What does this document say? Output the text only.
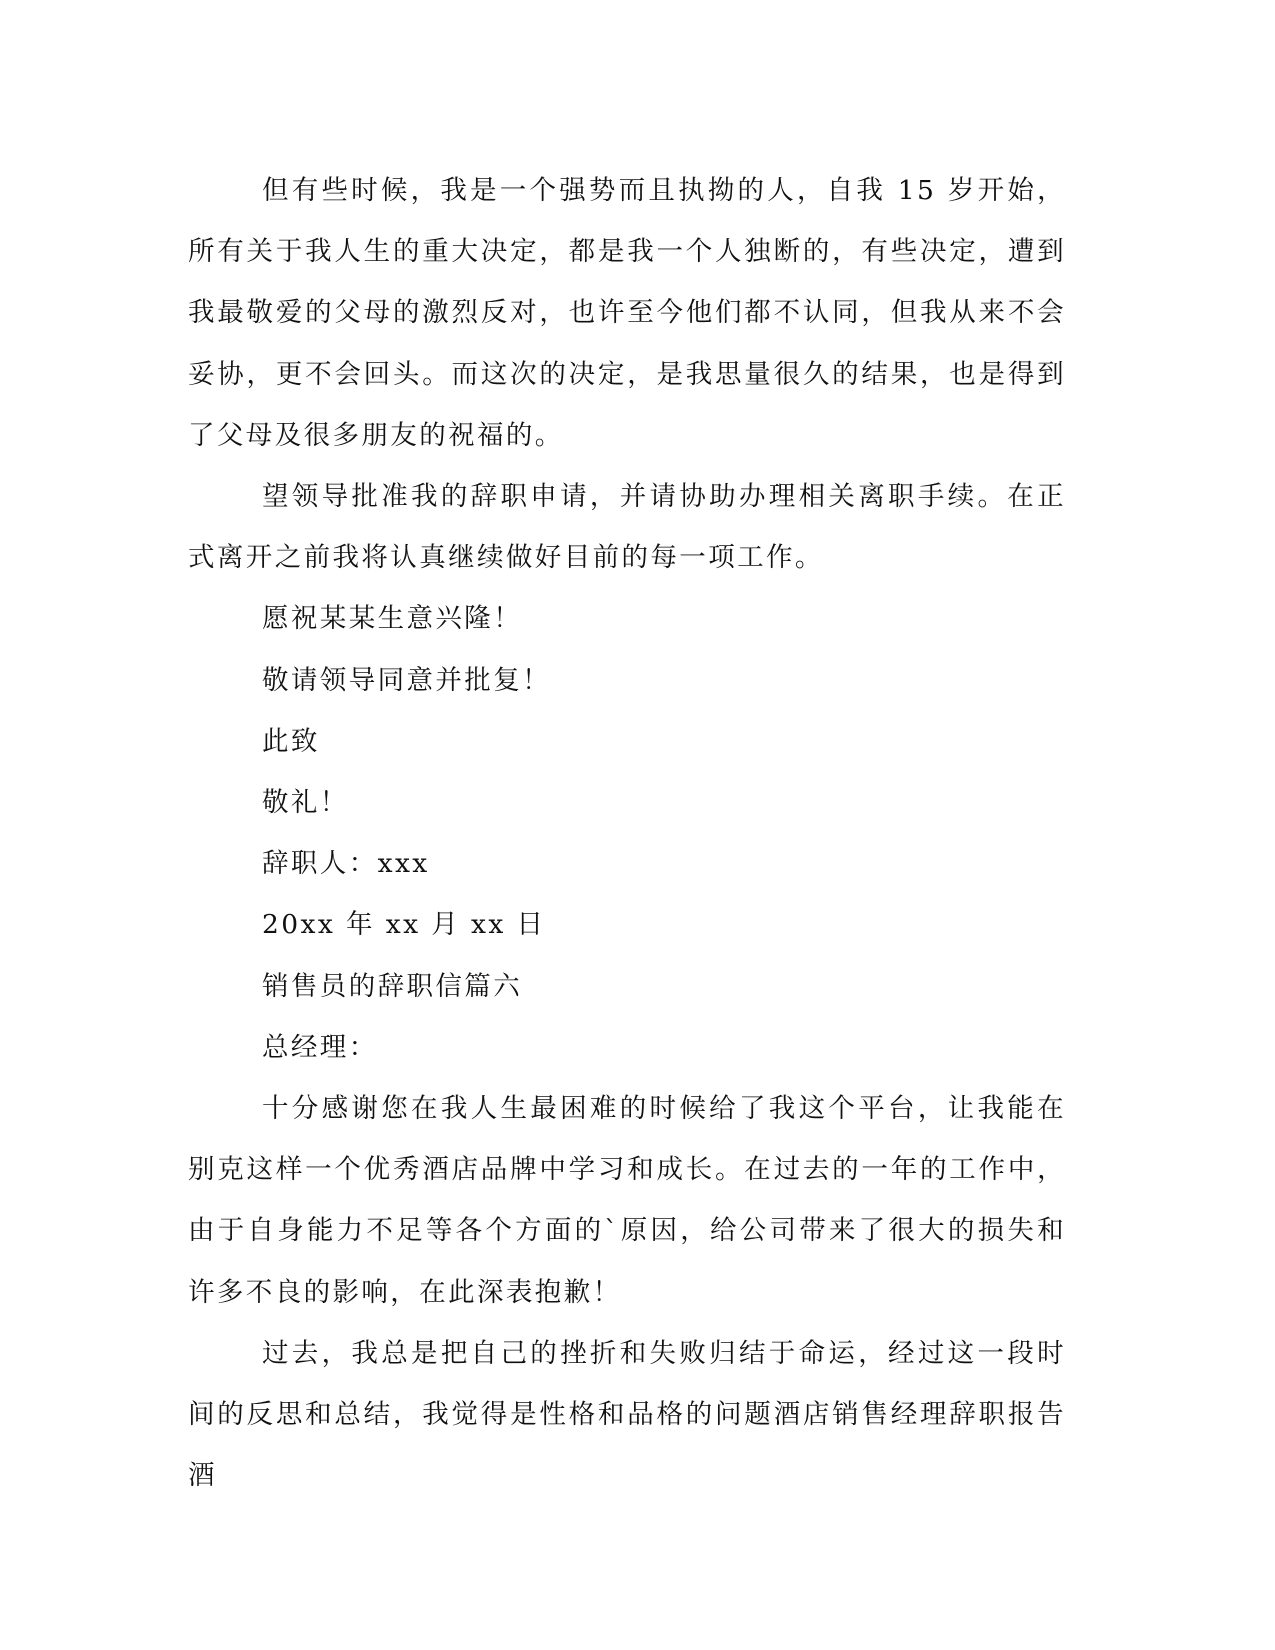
但有些时候，我是一个强势而且执拗的人，自我 15 岁开始，所有关于我人生的重大决定，都是我一个人独断的，有些决定，遭到我最敬爱的父母的激烈反对，也许至今他们都不认同，但我从来不会妥协，更不会回头。而这次的决定，是我思量很久的结果，也是得到了父母及很多朋友的祝福的。

望领导批准我的辞职申请，并请协助办理相关离职手续。在正式离开之前我将认真继续做好目前的每一项工作。

愿祝某某生意兴隆！

敬请领导同意并批复！

此致

敬礼！

辞职人：xxx

20xx 年 xx 月 xx 日

销售员的辞职信篇六

总经理：

十分感谢您在我人生最困难的时候给了我这个平台，让我能在别克这样一个优秀酒店品牌中学习和成长。在过去的一年的工作中，由于自身能力不足等各个方面的`原因，给公司带来了很大的损失和许多不良的影响，在此深表抱歉！

过去，我总是把自己的挫折和失败归结于命运，经过这一段时间的反思和总结，我觉得是性格和品格的问题酒店销售经理辞职报告酒
